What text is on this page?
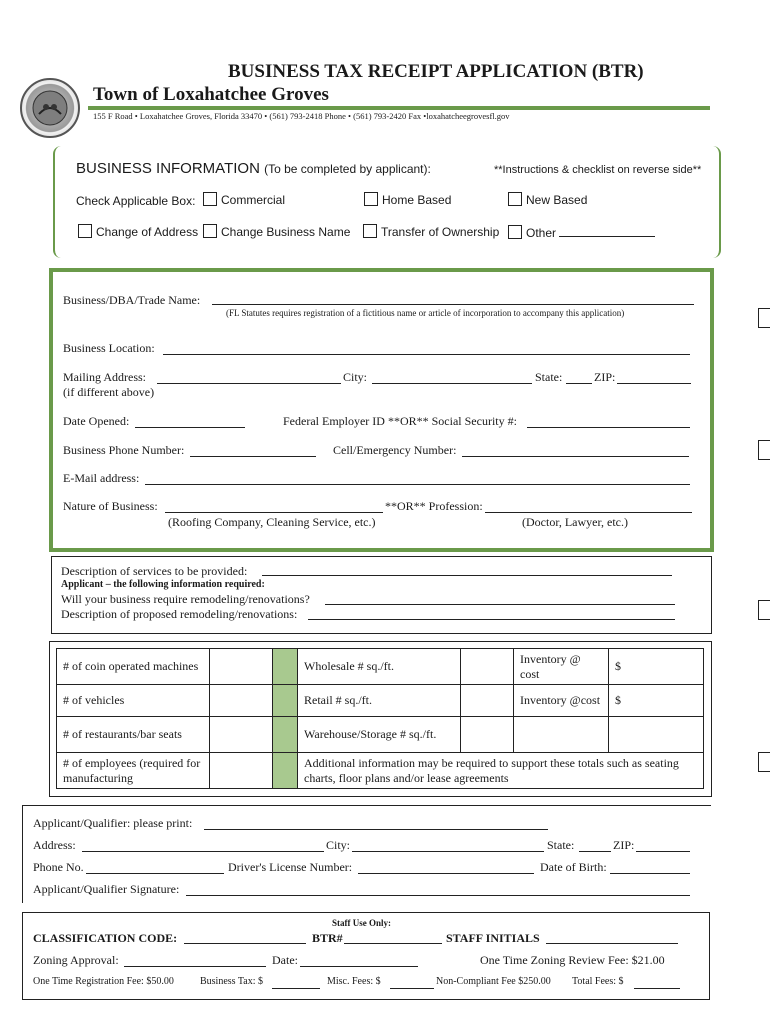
BUSINESS TAX RECEIPT APPLICATION (BTR)
Town of Loxahatchee Groves
155 F Road • Loxahatchee Groves, Florida 33470 • (561) 793-2418 Phone • (561) 793-2420 Fax •loxahatcheegrovesfl.gov
BUSINESS INFORMATION (To be completed by applicant):	**Instructions & checklist on reverse side**
Check Applicable Box:	Commercial	Home Based	New Based
Change of Address	Change Business Name	Transfer of Ownership	Other
Business/DBA/Trade Name:
(FL Statutes requires registration of a fictitious name or article of incorporation to accompany this application)
Business Location:
Mailing Address:	City:	State:	ZIP:
(if different above)
Date Opened:	Federal Employer ID **OR** Social Security #:
Business Phone Number:	Cell/Emergency Number:
E-Mail address:
Nature of Business:	**OR** Profession:
(Roofing Company, Cleaning Service, etc.)	(Doctor, Lawyer, etc.)
Description of services to be provided:
Applicant – the following information required:
Will your business require remodeling/renovations?
Description of proposed remodeling/renovations:
# of coin operated machines			Wholesale # sq./ft.		Inventory @ cost	$
# of vehicles			Retail # sq./ft.		Inventory @cost	$
# of restaurants/bar seats			Warehouse/Storage # sq./ft.			
# of employees (required for manufacturing			Additional information may be required to support these totals such as seating charts, floor plans and/or lease agreements			
Applicant/Qualifier: please print:
Address:	City:	State:	ZIP:
Phone No.	Driver's License Number:	Date of Birth:
Applicant/Qualifier Signature:
Staff Use Only:
CLASSIFICATION CODE:	BTR#	STAFF INITIALS
Zoning Approval:	Date:	One Time Zoning Review Fee: $21.00
One Time Registration Fee: $50.00	Business Tax: $	Misc. Fees: $	Non-Compliant Fee $250.00 Total Fees: $
